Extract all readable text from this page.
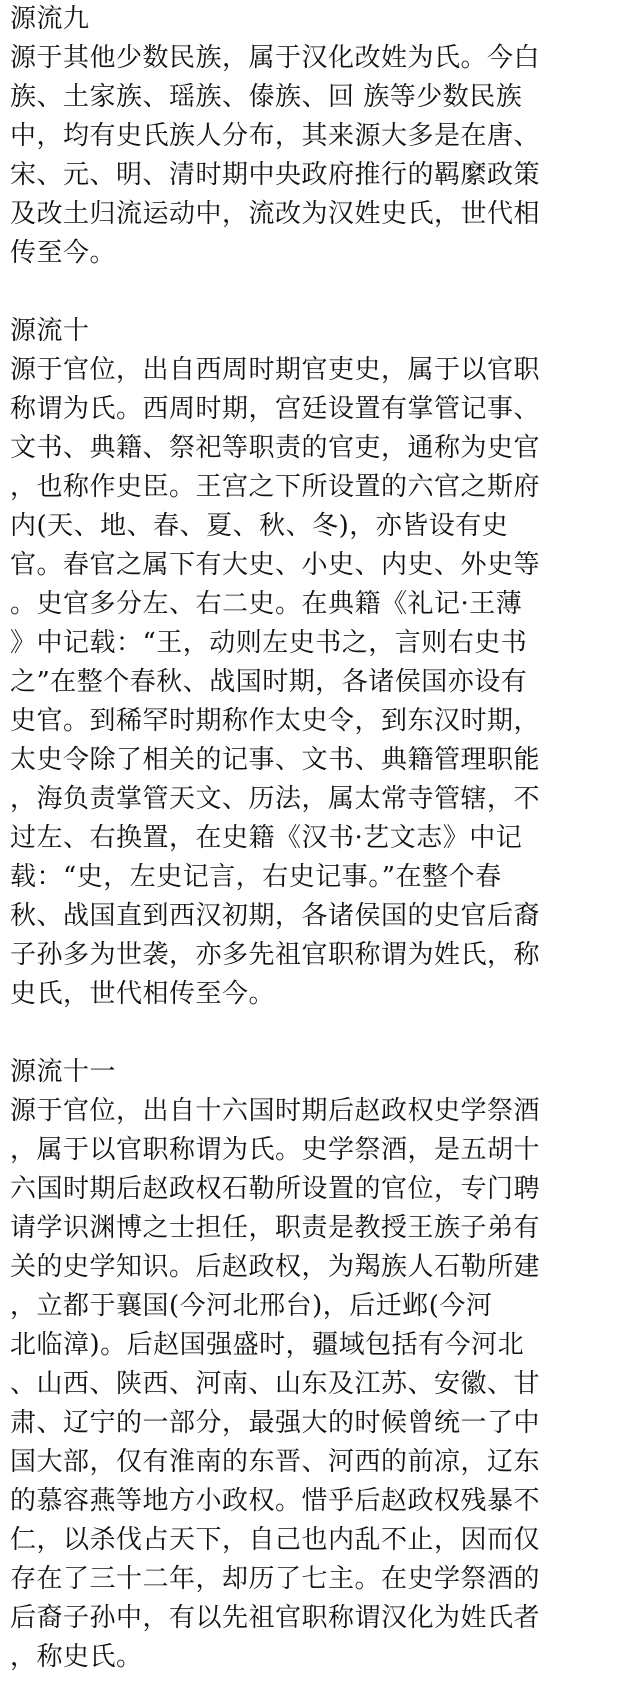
源流九
源于其他少数民族，属于汉化改姓为氏。今白
族、土家族、瑶族、傣族、回 族等少数民族
中，均有史氏族人分布，其来源大多是在唐、
宋、元、明、清时期中央政府推行的羁縻政策
及改土归流运动中，流改为汉姓史氏，世代相
传至今。
源流十
源于官位，出自西周时期官吏史，属于以官职
称谓为氏。西周时期，宫廷设置有掌管记事、
文书、典籍、祭祀等职责的官吏，通称为史官
，也称作史臣。王宫之下所设置的六官之斯府
内(天、地、春、夏、秋、冬)，亦皆设有史
官。春官之属下有大史、小史、内史、外史等
。史官多分左、右二史。在典籍《礼记·王薄
》中记载：“王，动则左史书之，言则右史书
之”在整个春秋、战国时期，各诸侯国亦设有
史官。到稀罕时期称作太史令，到东汉时期，
太史令除了相关的记事、文书、典籍管理职能
，海负责掌管天文、历法，属太常寺管辖，不
过左、右换置，在史籍《汉书·艺文志》中记
载：“史，左史记言，右史记事。”在整个春
秋、战国直到西汉初期，各诸侯国的史官后裔
子孙多为世袭，亦多先祖官职称谓为姓氏，称
史氏，世代相传至今。
源流十一
源于官位，出自十六国时期后赵政权史学祭酒
，属于以官职称谓为氏。史学祭酒，是五胡十
六国时期后赵政权石勒所设置的官位，专门聘
请学识渊博之士担任，职责是教授王族子弟有
关的史学知识。后赵政权，为羯族人石勒所建
，立都于襄国(今河北邢台)，后迁邺(今河
北临漳)。后赵国强盛时，疆域包括有今河北
、山西、陕西、河南、山东及江苏、安徽、甘
肃、辽宁的一部分，最强大的时候曾统一了中
国大部，仅有淮南的东晋、河西的前凉，辽东
的慕容燕等地方小政权。惜乎后赵政权残暴不
仁，以杀伐占天下，自己也内乱不止，因而仅
存在了三十二年，却历了七主。在史学祭酒的
后裔子孙中，有以先祖官职称谓汉化为姓氏者
，称史氏。
